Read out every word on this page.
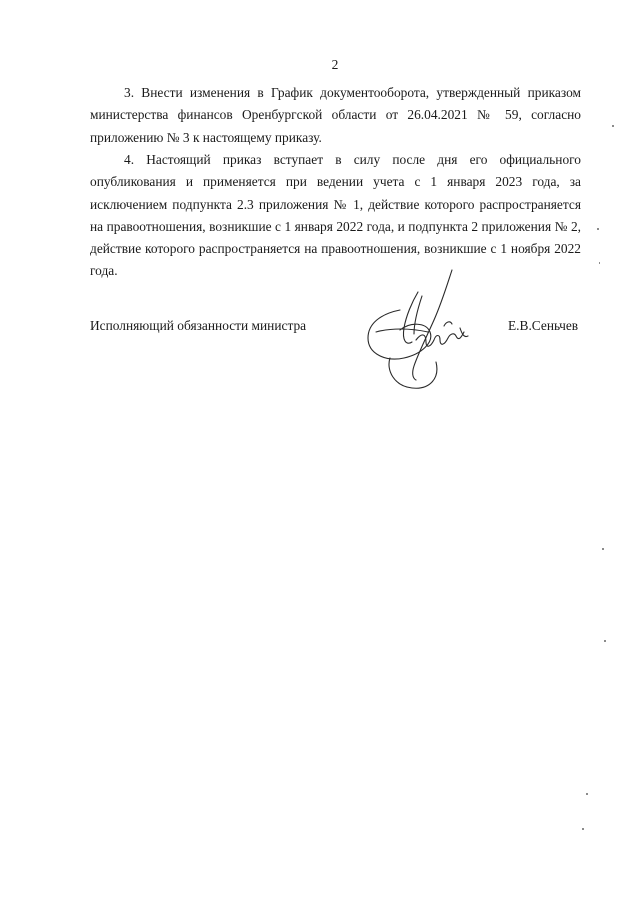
2

3. Внести изменения в График документооборота, утвержденный приказом министерства финансов Оренбургской области от 26.04.2021 № 59, согласно приложению № 3 к настоящему приказу.

4. Настоящий приказ вступает в силу после дня его официального опубликования и применяется при ведении учета с 1 января 2023 года, за исключением подпункта 2.3 приложения № 1, действие которого распространяется на правоотношения, возникшие с 1 января 2022 года, и подпункта 2 приложения № 2, действие которого распространяется на правоотношения, возникшие с 1 ноября 2022 года.

Исполняющий обязанности министра	Е.В.Сеньчев
